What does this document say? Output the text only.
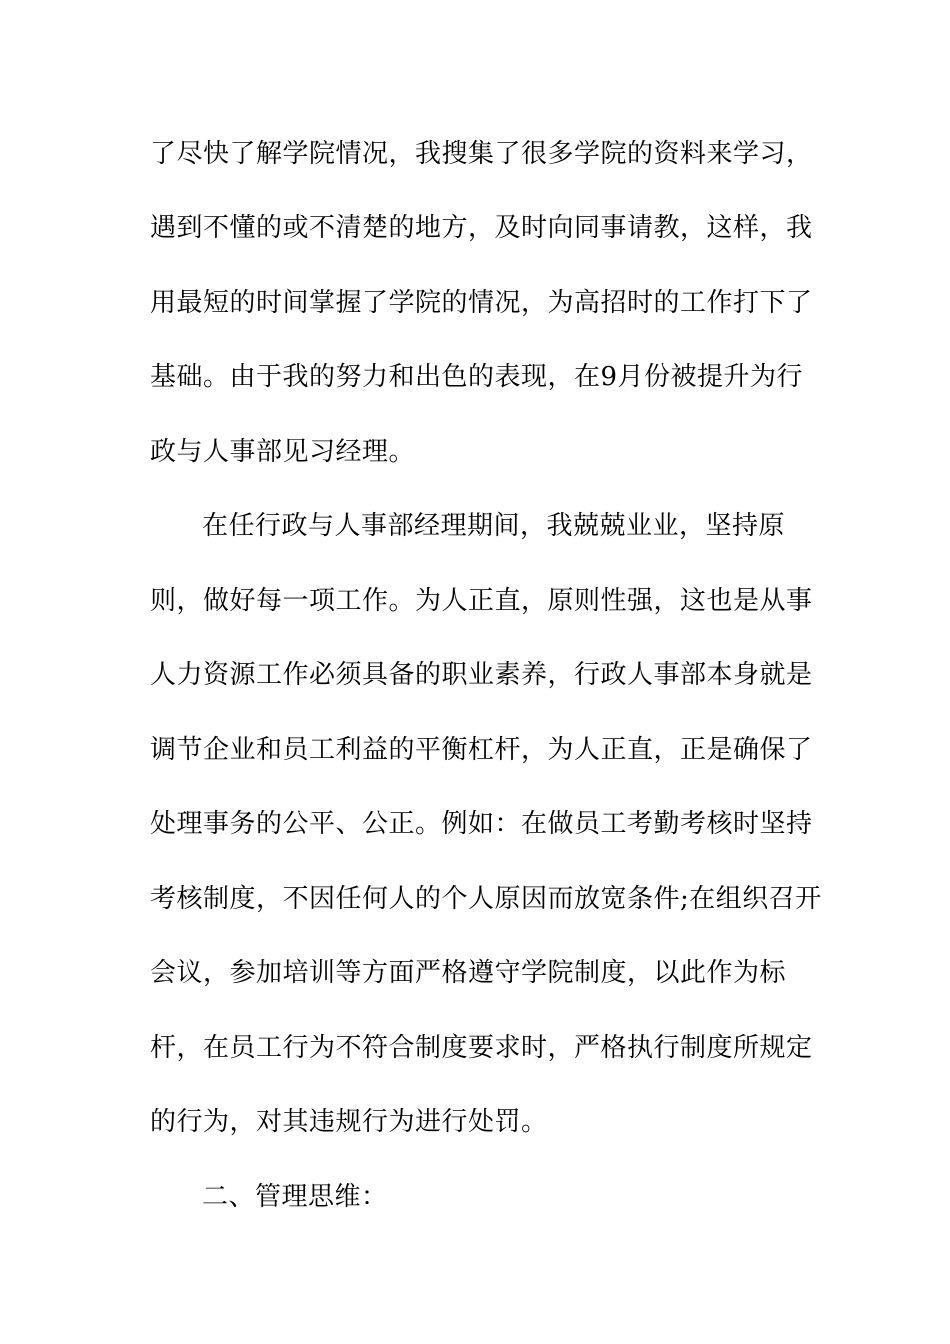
了尽快了解学院情况，我搜集了很多学院的资料来学习，
遇到不懂的或不清楚的地方，及时向同事请教，这样，我
用最短的时间掌握了学院的情况，为高招时的工作打下了
基础。由于我的努力和出色的表现，在9月份被提升为行
政与人事部见习经理。
在任行政与人事部经理期间，我兢兢业业，坚持原
则，做好每一项工作。为人正直，原则性强，这也是从事
人力资源工作必须具备的职业素养，行政人事部本身就是
调节企业和员工利益的平衡杠杆，为人正直，正是确保了
处理事务的公平、公正。例如：在做员工考勤考核时坚持
考核制度，不因任何人的个人原因而放宽条件;在组织召开
会议，参加培训等方面严格遵守学院制度，以此作为标
杆，在员工行为不符合制度要求时，严格执行制度所规定
的行为，对其违规行为进行处罚。
二、管理思维：
